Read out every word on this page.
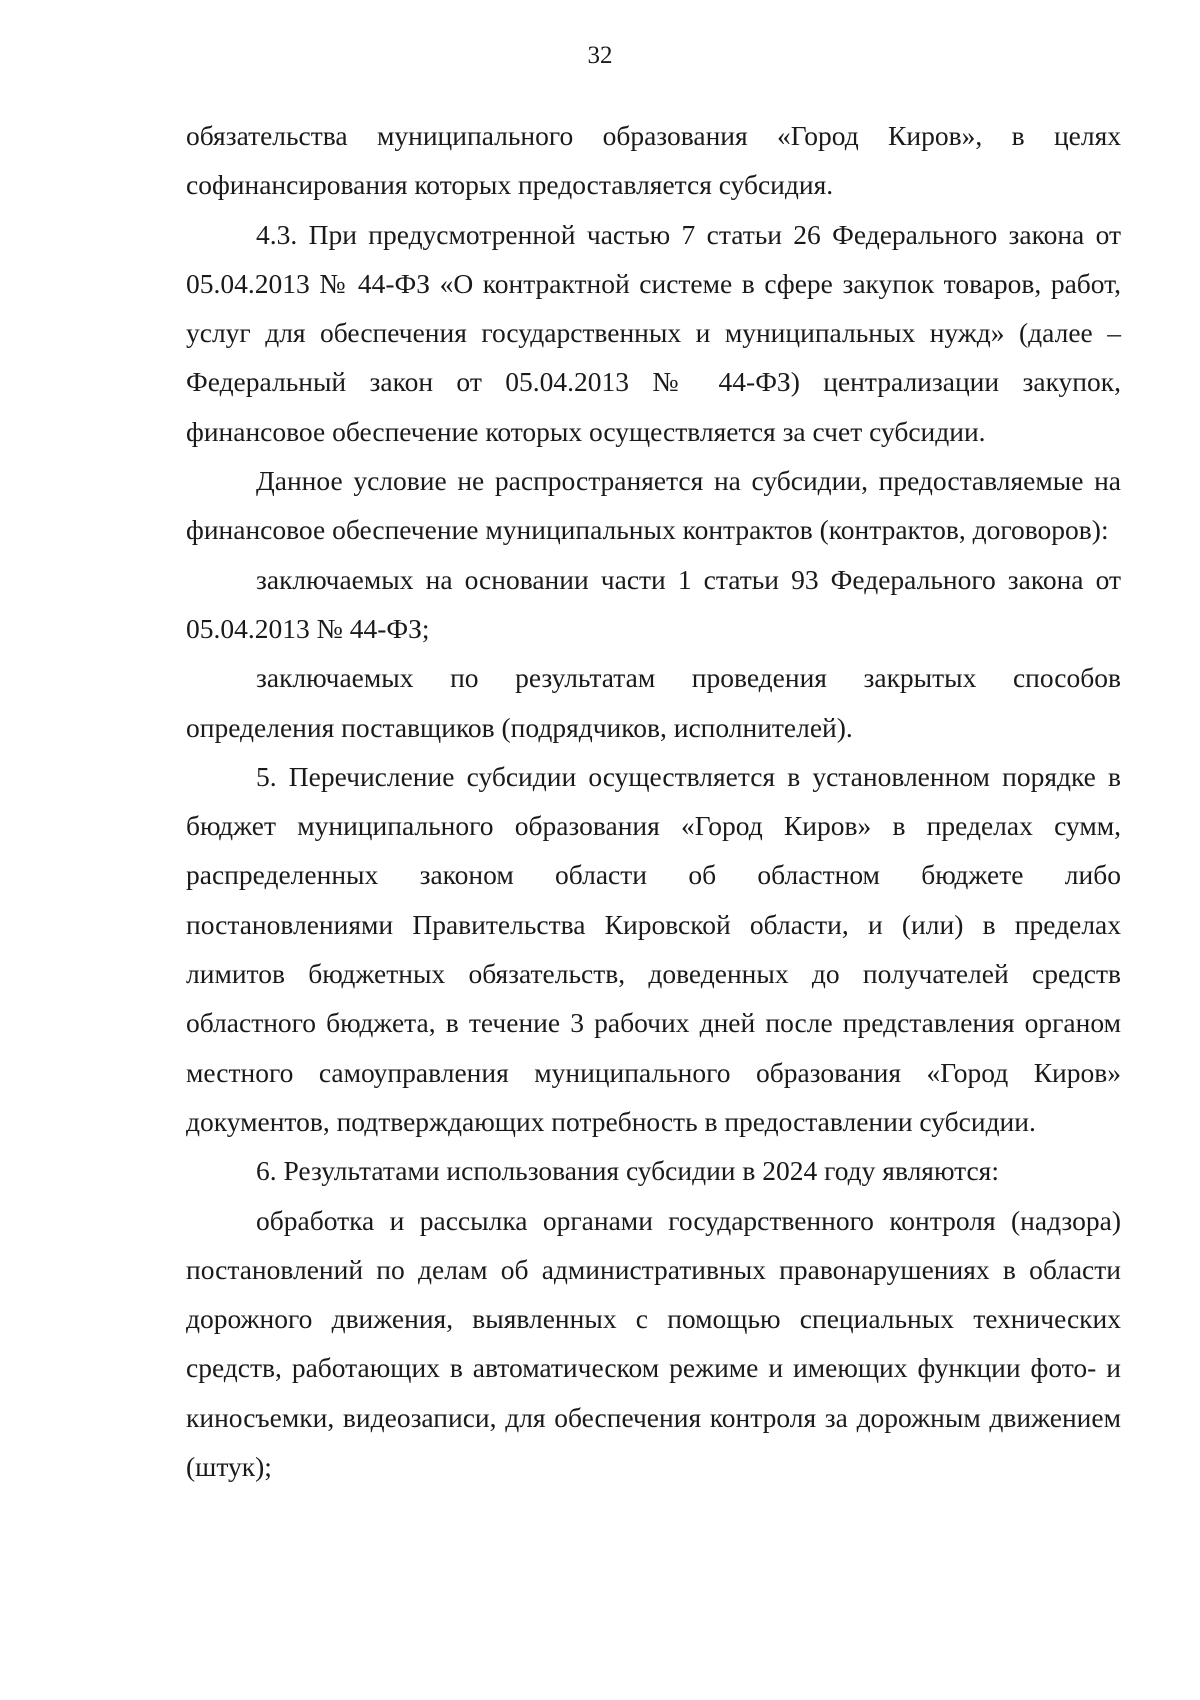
32

обязательства муниципального образования «Город Киров», в целях софинансирования которых предоставляется субсидия.

4.3. При предусмотренной частью 7 статьи 26 Федерального закона от 05.04.2013 № 44-ФЗ «О контрактной системе в сфере закупок товаров, работ, услуг для обеспечения государственных и муниципальных нужд» (далее – Федеральный закон от 05.04.2013 № 44-ФЗ) централизации закупок, финансовое обеспечение которых осуществляется за счет субсидии.

Данное условие не распространяется на субсидии, предоставляемые на финансовое обеспечение муниципальных контрактов (контрактов, договоров):

заключаемых на основании части 1 статьи 93 Федерального закона от 05.04.2013 № 44-ФЗ;

заключаемых по результатам проведения закрытых способов определения поставщиков (подрядчиков, исполнителей).

5. Перечисление субсидии осуществляется в установленном порядке в бюджет муниципального образования «Город Киров» в пределах сумм, распределенных законом области об областном бюджете либо постановлениями Правительства Кировской области, и (или) в пределах лимитов бюджетных обязательств, доведенных до получателей средств областного бюджета, в течение 3 рабочих дней после представления органом местного самоуправления муниципального образования «Город Киров» документов, подтверждающих потребность в предоставлении субсидии.

6. Результатами использования субсидии в 2024 году являются:

обработка и рассылка органами государственного контроля (надзора) постановлений по делам об административных правонарушениях в области дорожного движения, выявленных с помощью специальных технических средств, работающих в автоматическом режиме и имеющих функции фото- и киносъемки, видеозаписи, для обеспечения контроля за дорожным движением (штук);
